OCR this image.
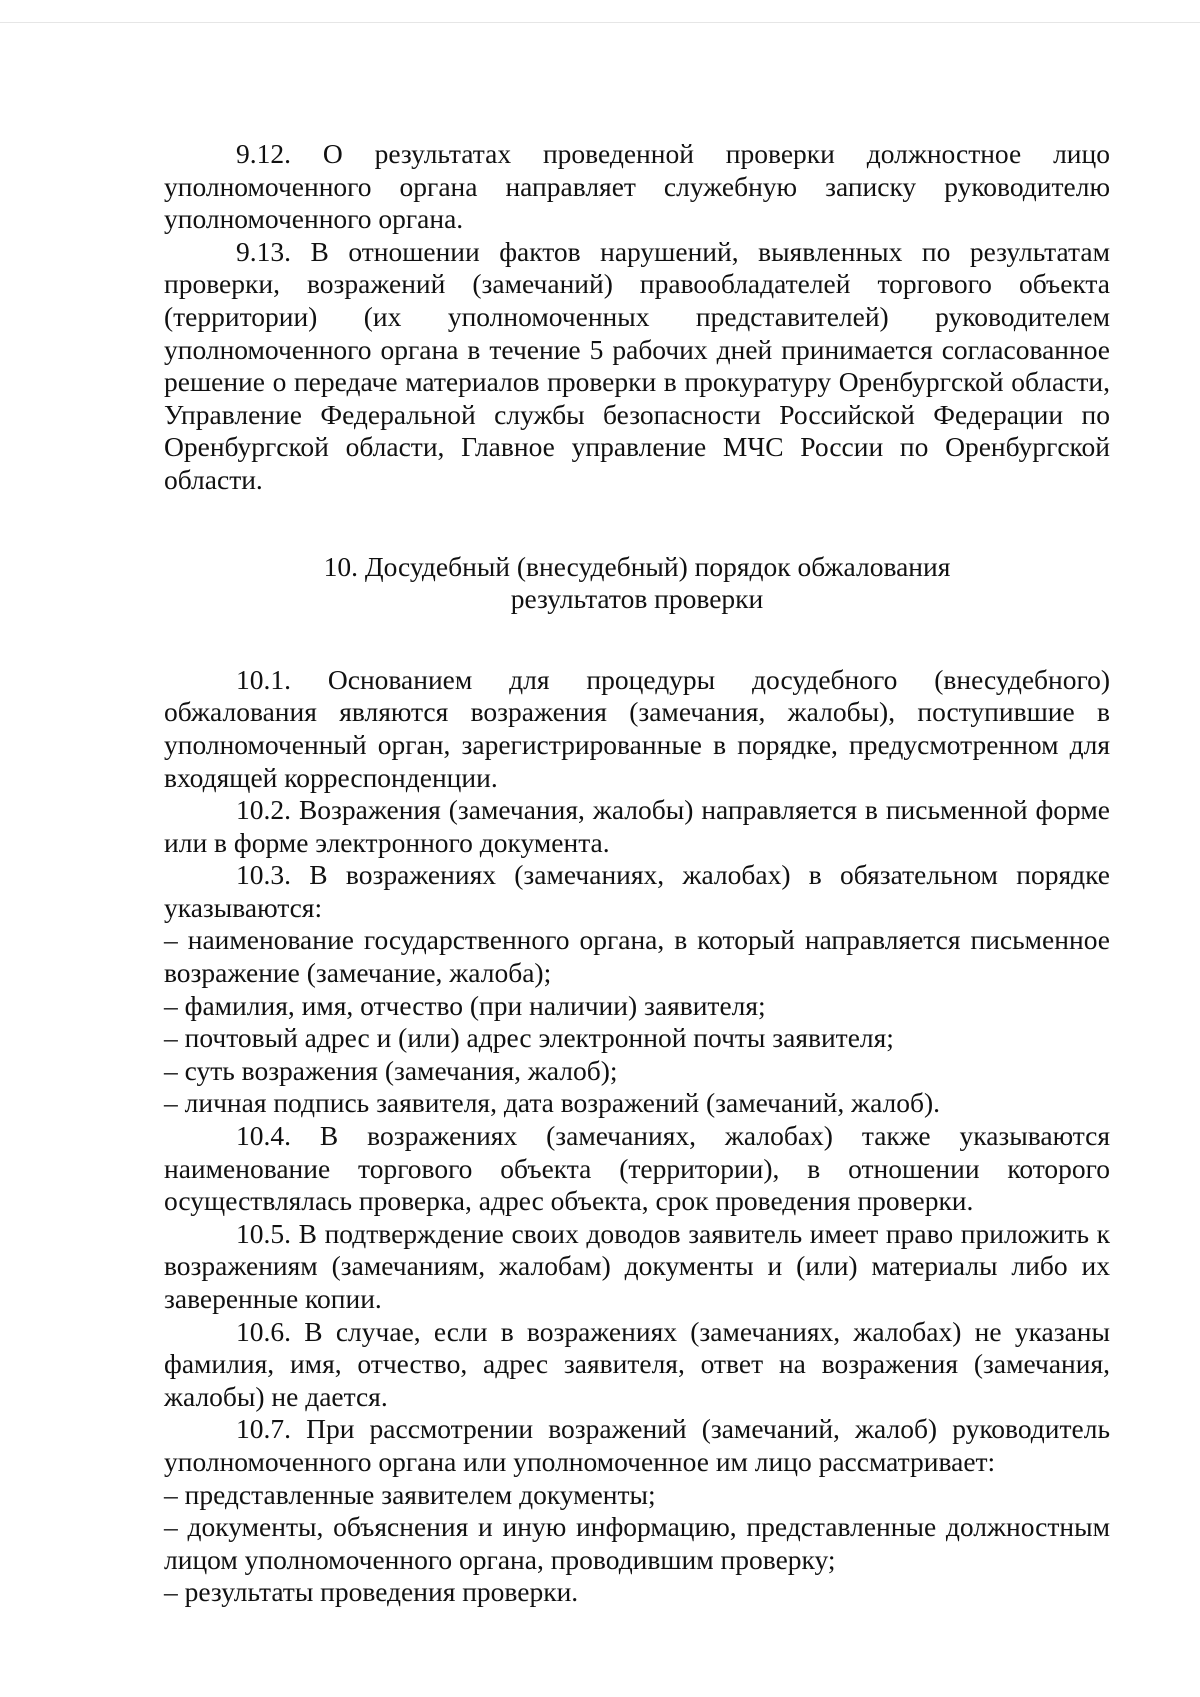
9.12. О результатах проведенной проверки должностное лицо уполномоченного органа направляет служебную записку руководителю уполномоченного органа.

9.13. В отношении фактов нарушений, выявленных по результатам проверки, возражений (замечаний) правообладателей торгового объекта (территории) (их уполномоченных представителей) руководителем уполномоченного органа в течение 5 рабочих дней принимается согласованное решение о передаче материалов проверки в прокуратуру Оренбургской области, Управление Федеральной службы безопасности Российской Федерации по Оренбургской области, Главное управление МЧС России по Оренбургской области.

10. Досудебный (внесудебный) порядок обжалования
результатов проверки

10.1. Основанием для процедуры досудебного (внесудебного) обжалования являются возражения (замечания, жалобы), поступившие в уполномоченный орган, зарегистрированные в порядке, предусмотренном для входящей корреспонденции.

10.2. Возражения (замечания, жалобы) направляется в письменной форме или в форме электронного документа.

10.3. В возражениях (замечаниях, жалобах) в обязательном порядке указываются:

– наименование государственного органа, в который направляется письменное возражение (замечание, жалоба);

– фамилия, имя, отчество (при наличии) заявителя;

– почтовый адрес и (или) адрес электронной почты заявителя;

– суть возражения (замечания, жалоб);

– личная подпись заявителя, дата возражений (замечаний, жалоб).

10.4. В возражениях (замечаниях, жалобах) также указываются наименование торгового объекта (территории), в отношении которого осуществлялась проверка, адрес объекта, срок проведения проверки.

10.5. В подтверждение своих доводов заявитель имеет право приложить к возражениям (замечаниям, жалобам) документы и (или) материалы либо их заверенные копии.

10.6. В случае, если в возражениях (замечаниях, жалобах) не указаны фамилия, имя, отчество, адрес заявителя, ответ на возражения (замечания, жалобы) не дается.

10.7. При рассмотрении возражений (замечаний, жалоб) руководитель уполномоченного органа или уполномоченное им лицо рассматривает:

– представленные заявителем документы;

– документы, объяснения и иную информацию, представленные должностным лицом уполномоченного органа, проводившим проверку;

– результаты проведения проверки.
